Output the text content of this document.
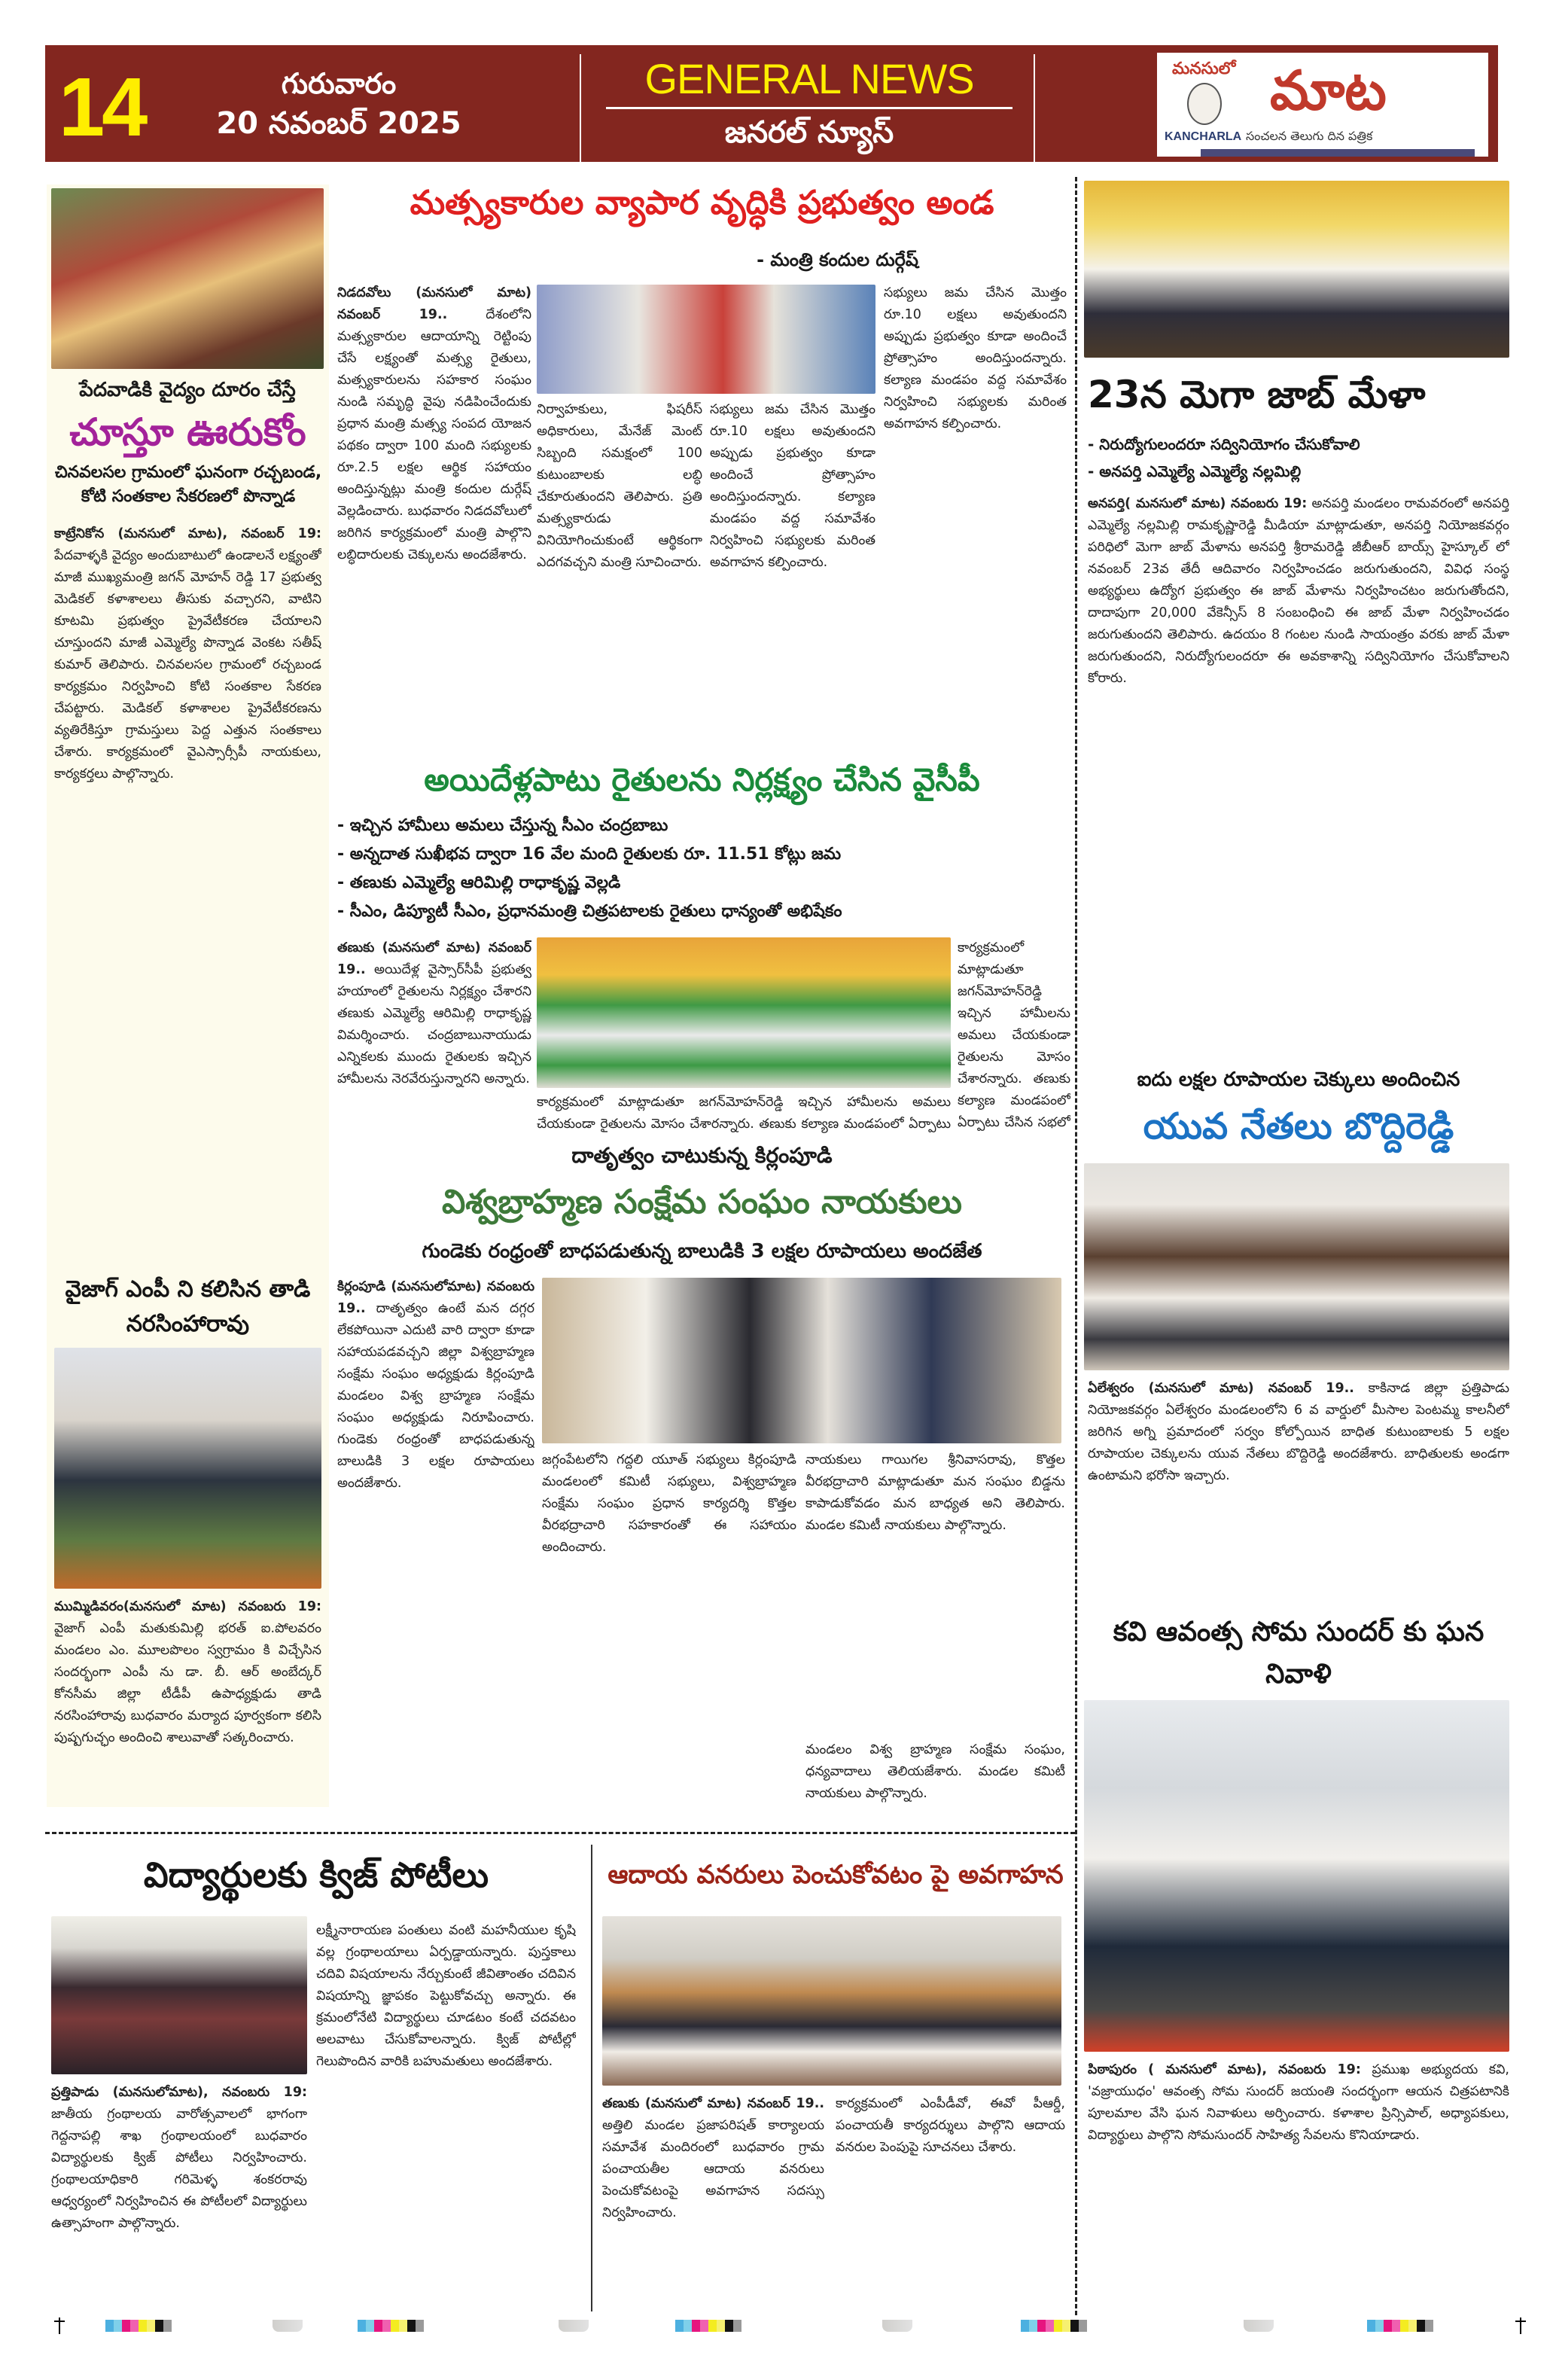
14	గురువారం
20 నవంబర్ 2025
GENERAL NEWS
జనరల్ న్యూస్
మనసులో మాట
KANCHARLA సంచలన తెలుగు దిన పత్రిక
పేదవాడికి వైద్యం దూరం చేస్తే
చూస్తూ ఊరుకోం
చినవలసల గ్రామంలో ఘనంగా రచ్చబండ, కోటి సంతకాల సేకరణలో పొన్నాడ
కాట్రేనికోన (మనసులో మాట), నవంబర్ 19: పేదవాళ్ళకి వైద్యం అందుబాటులో ఉండాలనే లక్ష్యంతో మాజీ ముఖ్యమంత్రి జగన్ మోహన్ రెడ్డి 17 ప్రభుత్వ మెడికల్ కళాశాలలు తీసుకు వచ్చారని, వాటిని కూటమి ప్రభుత్వం ప్రైవేటీకరణ చేయాలని చూస్తుందని మాజీ ఎమ్మెల్యే పొన్నాడ వెంకట సతీష్ కుమార్ తెలిపారు. చినవలసల గ్రామంలో రచ్చబండ కార్యక్రమం నిర్వహించి కోటి సంతకాల సేకరణ చేపట్టారు. మెడికల్ కళాశాలల ప్రైవేటీకరణను వ్యతిరేకిస్తూ గ్రామస్తులు పెద్ద ఎత్తున సంతకాలు చేశారు. కార్యక్రమంలో వైఎస్సార్సీపీ నాయకులు, కార్యకర్తలు పాల్గొన్నారు.
వైజాగ్ ఎంపీ ని కలిసిన తాడి నరసింహారావు
ముమ్మిడివరం(మనసులో మాట) నవంబరు 19: వైజాగ్ ఎంపీ మతుకుమిల్లి భరత్ ఐ.పోలవరం మండలం ఎం. మూలపొలం స్వగ్రామం కి విచ్చేసిన సందర్భంగా ఎంపీ ను డా. బీ. ఆర్ అంబేద్కర్ కోనసీమ జిల్లా టీడీపీ ఉపాధ్యక్షుడు తాడి నరసింహారావు బుధవారం మర్యాద పూర్వకంగా కలిసి పుష్పగుచ్ఛం అందించి శాలువాతో సత్కరించారు.
మత్స్యకారుల వ్యాపార వృద్ధికి ప్రభుత్వం అండ
- మంత్రి కందుల దుర్గేష్
నిడదవోలు (మనసులో మాట) నవంబర్ 19..	దేశంలోని మత్స్యకారుల ఆదాయాన్ని రెట్టింపు చేసే లక్ష్యంతో మత్స్య రైతులు, మత్స్యకారులను సహకార సంఘం నుండి సమృద్ధి వైపు నడిపించేందుకు ప్రధాన మంత్రి మత్స్య సంపద యోజన పథకం ద్వారా 100 మంది సభ్యులకు రూ.2.5 లక్షల ఆర్థిక సహాయం అందిస్తున్నట్లు మంత్రి కందుల దుర్గేష్ వెల్లడించారు. బుధవారం నిడదవోలులో జరిగిన కార్యక్రమంలో మంత్రి పాల్గొని లబ్ధిదారులకు చెక్కులను అందజేశారు.
నిర్వాహకులు, ఫిషరీస్ అధికారులు, మేనేజ్ మెంట్ సిబ్బంది సమక్షంలో 100 కుటుంబాలకు లబ్ధి చేకూరుతుందని తెలిపారు. ప్రతి మత్స్యకారుడు వినియోగించుకుంటే ఆర్థికంగా ఎదగవచ్చని మంత్రి సూచించారు.
సభ్యులు జమ చేసిన మొత్తం రూ.10 లక్షలు అవుతుందని అప్పుడు ప్రభుత్వం కూడా అందించే ప్రోత్సాహం అందిస్తుందన్నారు. కల్యాణ మండపం వద్ద సమావేశం నిర్వహించి సభ్యులకు మరింత అవగాహన కల్పించారు.
సభ్యులు జమ చేసిన మొత్తం రూ.10 లక్షలు అవుతుందని అప్పుడు ప్రభుత్వం కూడా అందించే ప్రోత్సాహం అందిస్తుందన్నారు. కల్యాణ మండపం వద్ద సమావేశం నిర్వహించి సభ్యులకు మరింత అవగాహన కల్పించారు.
అయిదేళ్లపాటు రైతులను నిర్లక్ష్యం చేసిన వైసీపీ
- ఇచ్చిన హామీలు అమలు చేస్తున్న సీఎం చంద్రబాబు
- అన్నదాత సుఖీభవ ద్వారా 16 వేల మంది రైతులకు రూ. 11.51 కోట్లు జమ
- తణుకు ఎమ్మెల్యే ఆరిమిల్లి రాధాకృష్ణ వెల్లడి
- సీఎం, డిప్యూటీ సీఎం, ప్రధానమంత్రి చిత్రపటాలకు రైతులు ధాన్యంతో అభిషేకం
తణుకు (మనసులో మాట) నవంబర్ 19.. అయిదేళ్ల వైస్సార్‌సీపీ ప్రభుత్వ హయాంలో రైతులను నిర్లక్ష్యం చేశారని తణుకు ఎమ్మెల్యే ఆరిమిల్లి రాధాకృష్ణ విమర్శించారు. చంద్రబాబునాయుడు ఎన్నికలకు ముందు రైతులకు ఇచ్చిన హామీలను నెరవేరుస్తున్నారని అన్నారు.
కార్యక్రమంలో మాట్లాడుతూ జగన్‌మోహన్‌రెడ్డి ఇచ్చిన హామీలను అమలు చేయకుండా రైతులను మోసం చేశారన్నారు. తణుకు కల్యాణ మండపంలో ఏర్పాటు
కార్యక్రమంలో మాట్లాడుతూ జగన్‌మోహన్‌రెడ్డి ఇచ్చిన హామీలను అమలు చేయకుండా రైతులను మోసం చేశారన్నారు. తణుకు కల్యాణ మండపంలో ఏర్పాటు చేసిన సభలో
దాతృత్వం చాటుకున్న కిర్లంపూడి
విశ్వబ్రాహ్మణ సంక్షేమ సంఘం నాయకులు
గుండెకు రంధ్రంతో బాధపడుతున్న బాలుడికి 3 లక్షల రూపాయలు అందజేత
కిర్లంపూడి (మనసులోమాట) నవంబరు 19.. దాతృత్వం ఉంటే మన దగ్గర లేకపోయినా ఎదుటి వారి ద్వారా కూడా సహాయపడవచ్చని జిల్లా విశ్వబ్రాహ్మణ సంక్షేమ సంఘం అధ్యక్షుడు కిర్లంపూడి మండలం విశ్వ బ్రాహ్మణ సంక్షేమ సంఘం అధ్యక్షుడు నిరూపించారు. గుండెకు రంధ్రంతో బాధపడుతున్న బాలుడికి 3 లక్షల రూపాయలు అందజేశారు.
జగ్గంపేటలోని గద్దలి యూత్ సభ్యులు కిర్లంపూడి మండలంలో కమిటీ సభ్యులు, విశ్వబ్రాహ్మణ సంక్షేమ సంఘం ప్రధాన కార్యదర్శి కొత్తల వీరభద్రాచారి సహకారంతో ఈ సహాయం అందించారు.
నాయకులు గాయిగల శ్రీనివాసరావు, కొత్తల వీరభద్రాచారి మాట్లాడుతూ మన సంఘం బిడ్డను కాపాడుకోవడం మన బాధ్యత అని తెలిపారు. మండల కమిటీ నాయకులు పాల్గొన్నారు.
మండలం విశ్వ బ్రాహ్మణ సంక్షేమ సంఘం, ధన్యవాదాలు తెలియజేశారు. మండల కమిటీ నాయకులు పాల్గొన్నారు.
23న మెగా జాబ్ మేళా
- నిరుద్యోగులందరూ సద్వినియోగం చేసుకోవాలి
- అనపర్తి ఎమ్మెల్యే ఎమ్మెల్యే నల్లమిల్లి
అనపర్తి( మనసులో మాట) నవంబరు 19: అనపర్తి మండలం రామవరంలో అనపర్తి ఎమ్మెల్యే నల్లమిల్లి రామకృష్ణారెడ్డి మీడియా మాట్లాడుతూ, అనపర్తి నియోజకవర్గం పరిధిలో మెగా జాబ్ మేళాను అనపర్తి శ్రీరామరెడ్డి జీబీఆర్ బాయ్స్ హైస్కూల్ లో నవంబర్ 23వ తేదీ ఆదివారం నిర్వహించడం జరుగుతుందని, వివిధ సంస్థ అభ్యర్థులు ఉద్యోగ ప్రభుత్వం ఈ జాబ్ మేళాను నిర్వహించటం జరుగుతోందని, దాదాపుగా 20,000 వేకెన్సీస్ 8 సంబంధించి ఈ జాబ్ మేళా నిర్వహించడం జరుగుతుందని తెలిపారు. ఉదయం 8 గంటల నుండి సాయంత్రం వరకు జాబ్ మేళా జరుగుతుందని, నిరుద్యోగులందరూ ఈ అవకాశాన్ని సద్వినియోగం చేసుకోవాలని కోరారు.
ఐదు లక్షల రూపాయల చెక్కులు అందించిన
యువ నేతలు బొద్దిరెడ్డి
ఏలేశ్వరం (మనసులో మాట) నవంబర్ 19.. కాకినాడ జిల్లా ప్రత్తిపాడు నియోజకవర్గం ఏలేశ్వరం మండలంలోని 6 వ వార్డులో మీసాల పెంటమ్మ కాలనీలో జరిగిన అగ్ని ప్రమాదంలో సర్వం కోల్పోయిన బాధిత కుటుంబాలకు 5 లక్షల రూపాయల చెక్కులను యువ నేతలు బొద్దిరెడ్డి అందజేశారు. బాధితులకు అండగా ఉంటామని భరోసా ఇచ్చారు.
కవి ఆవంత్స సోమ సుందర్ కు ఘన నివాళి
పిఠాపురం ( మనసులో మాట), నవంబరు 19: ప్రముఖ అభ్యుదయ కవి, 'వజ్రాయుధం' ఆవంత్స సోమ సుందర్ జయంతి సందర్భంగా ఆయన చిత్రపటానికి పూలమాల వేసి ఘన నివాళులు అర్పించారు. కళాశాల ప్రిన్సిపాల్, అధ్యాపకులు, విద్యార్థులు పాల్గొని సోమసుందర్ సాహిత్య సేవలను కొనియాడారు.
విద్యార్థులకు క్విజ్ పోటీలు
ప్రత్తిపాడు (మనసులోమాట), నవంబరు 19: జాతీయ గ్రంథాలయ వారోత్సవాలలో భాగంగా గెద్దనాపల్లి శాఖ గ్రంథాలయంలో బుధవారం విద్యార్థులకు క్విజ్ పోటీలు నిర్వహించారు. గ్రంథాలయాధికారి గరిమెళ్ళ శంకరరావు ఆధ్వర్యంలో నిర్వహించిన ఈ పోటీలలో విద్యార్థులు ఉత్సాహంగా పాల్గొన్నారు.
లక్ష్మీనారాయణ పంతులు వంటి మహనీయుల కృషి వల్ల గ్రంథాలయాలు ఏర్పడ్డాయన్నారు. పుస్తకాలు చదివి విషయాలను నేర్చుకుంటే జీవితాంతం చదివిన విషయాన్ని జ్ఞాపకం పెట్టుకోవచ్చు అన్నారు. ఈ క్రమంలోనేటి విద్యార్థులు చూడటం కంటే చదవటం అలవాటు చేసుకోవాలన్నారు. క్విజ్ పోటీల్లో గెలుపొందిన వారికి బహుమతులు అందజేశారు.
ఆదాయ వనరులు పెంచుకోవటం పై అవగాహన
తణుకు (మనసులో మాట) నవంబర్ 19.. అత్తిలి మండల ప్రజాపరిషత్ కార్యాలయ సమావేశ మందిరంలో బుధవారం గ్రామ పంచాయతీల ఆదాయ వనరులు పెంచుకోవటంపై అవగాహన సదస్సు నిర్వహించారు.
కార్యక్రమంలో ఎంపీడీవో, ఈవో పీఆర్డీ, పంచాయతీ కార్యదర్శులు పాల్గొని ఆదాయ వనరుల పెంపుపై సూచనలు చేశారు.
